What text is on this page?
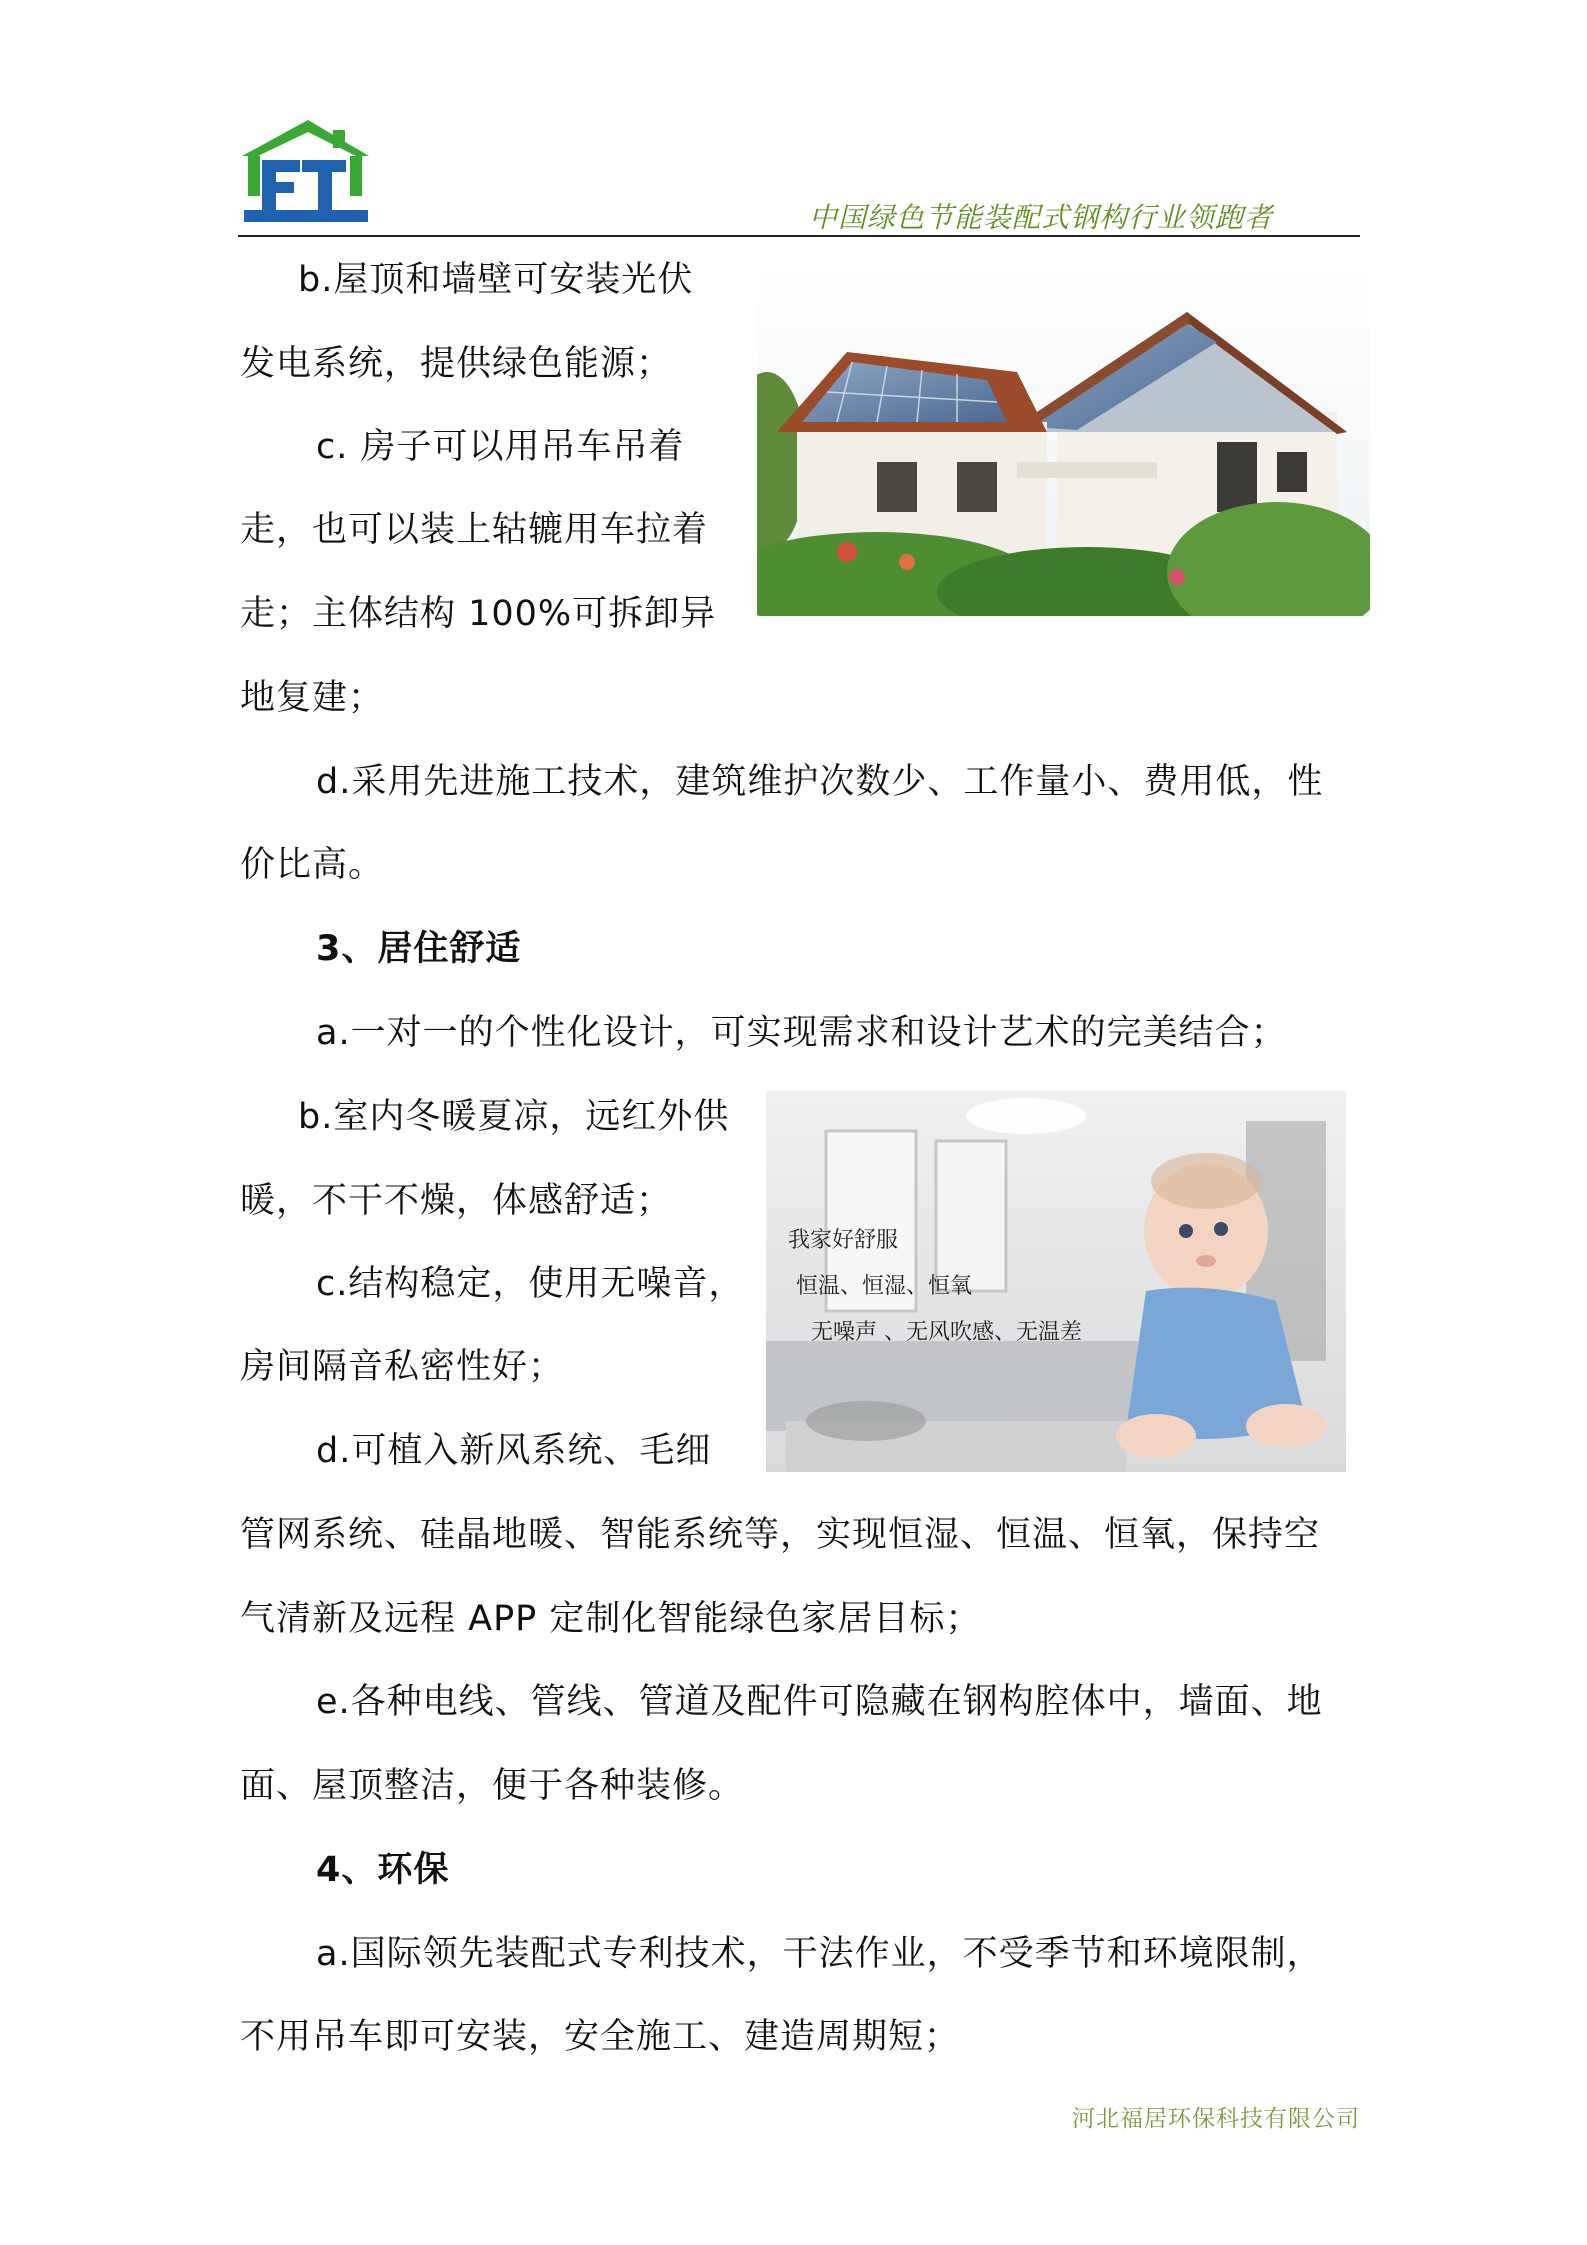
中国绿色节能装配式钢构行业领跑者
b.屋顶和墙壁可安装光伏
发电系统，提供绿色能源；
c. 房子可以用吊车吊着
走，也可以装上轱辘用车拉着
走；主体结构 100%可拆卸异
地复建；
d.采用先进施工技术，建筑维护次数少、工作量小、费用低，性
价比高。
3、居住舒适
a.一对一的个性化设计，可实现需求和设计艺术的完美结合；
b.室内冬暖夏凉，远红外供
暖，不干不燥，体感舒适；
c.结构稳定，使用无噪音，
房间隔音私密性好；
d.可植入新风系统、毛细
管网系统、硅晶地暖、智能系统等，实现恒湿、恒温、恒氧，保持空
气清新及远程 APP 定制化智能绿色家居目标；
e.各种电线、管线、管道及配件可隐藏在钢构腔体中，墙面、地
面、屋顶整洁，便于各种装修。
4、环保
a.国际领先装配式专利技术，干法作业，不受季节和环境限制，
不用吊车即可安装，安全施工、建造周期短；
我家好舒服
恒温、恒湿、恒氧
无噪声 、无风吹感、无温差
河北福居环保科技有限公司
